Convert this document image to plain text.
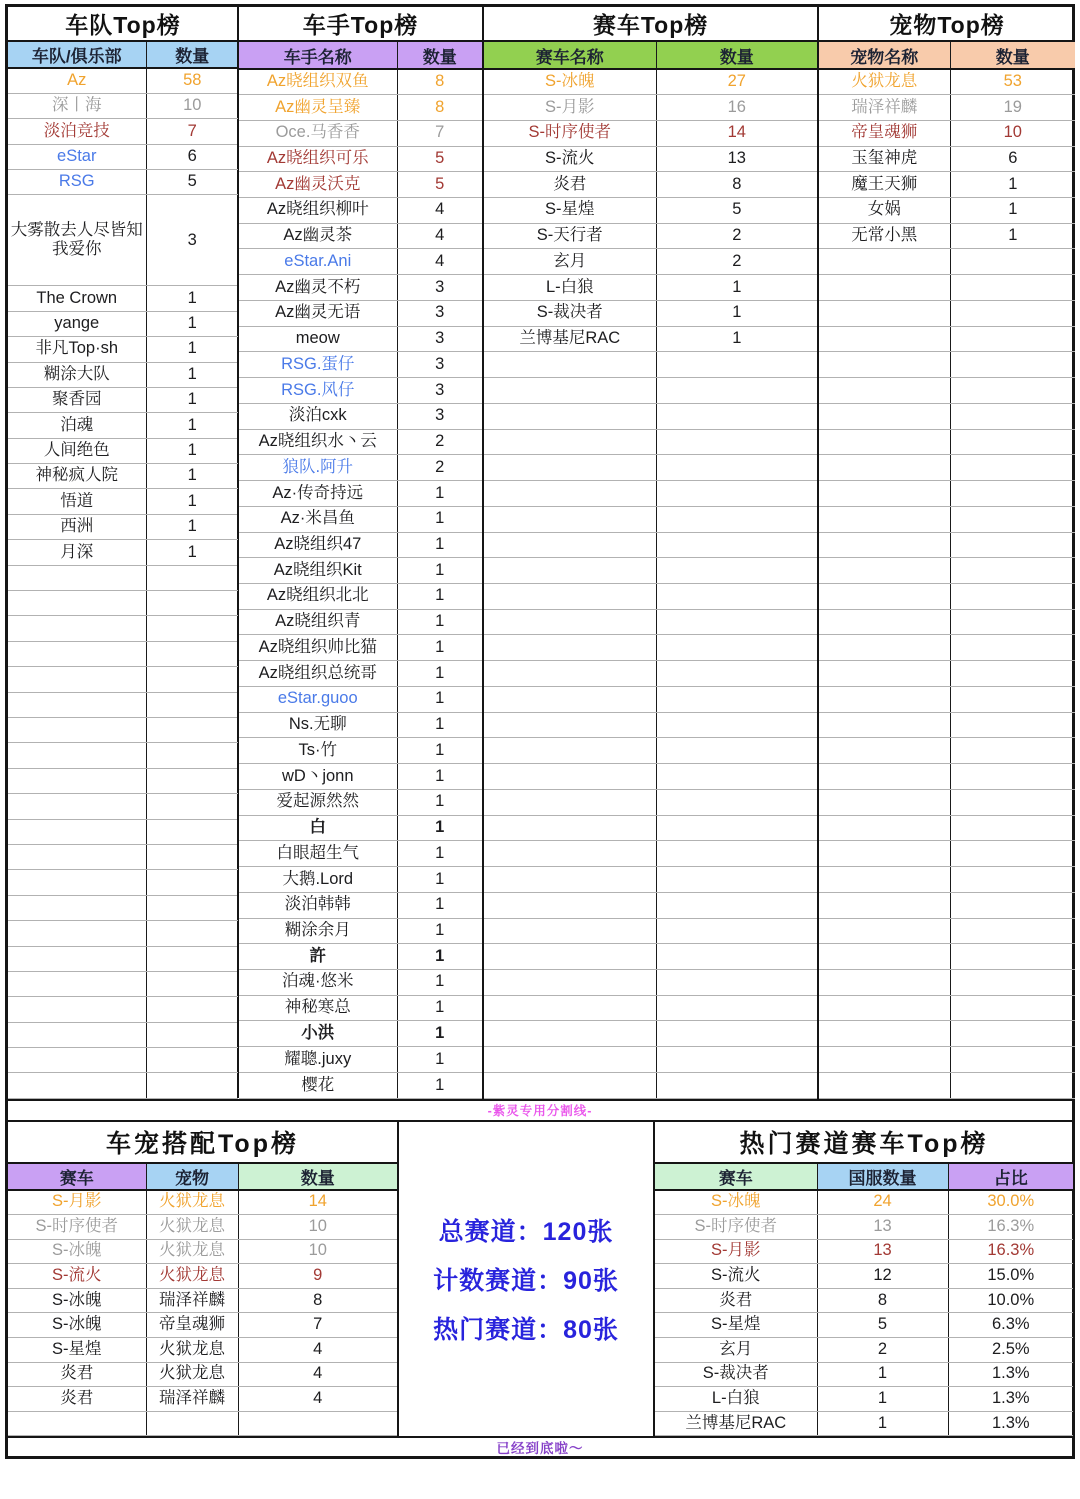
车队Top榜		
车队/俱乐部	数量	
Az	58	
深丨海	10	
淡泊竞技	7	
eStar	6	
RSG	5	
大雾散去人尽皆知我爱你	3	

The Crown	1	
yange	1	
非凡Top·sh	1	
糊涂大队	1	
聚香园	1	
泊魂	1	
人间绝色	1	
神秘疯人院	1	
悟道	1	
西洲	1	
月深	1	

车手Top榜	
车手名称	数量
Az晓组织双鱼	8
Az幽灵呈臻	8
Oce.马香香	7
Az晓组织可乐	5
Az幽灵沃克	5
Az晓组织柳叶	4
Az幽灵茶	4
eStar.Ani	4
Az幽灵不朽	3
Az幽灵无语	3
meow	3
RSG.蛋仔	3
RSG.风仔	3
淡泊cxk	3
Az晓组织水丶云	2
狼队.阿升	2
Az·传奇持远	1
Az·米昌鱼	1
Az晓组织47	1
Az晓组织Kit	1
Az晓组织北北	1
Az晓组织青	1
Az晓组织帅比猫	1
Az晓组织总统哥	1
eStar.guoo	1
Ns.无聊	1
Ts·竹	1
wD丶jonn	1
爱起源然然	1
白	1
白眼超生气	1
大鹅.Lord	1
淡泊韩韩	1
糊涂余月	1
許	1
泊魂·悠米	1
神秘寒总	1
小洪	1
耀聰.juxy	1
樱花	1
赛车Top榜	
赛车名称	数量
S-冰魄	27
S-月影	16
S-时序使者	14
S-流火	13
炎君	8
S-星煌	5
S-天行者	2
玄月	2
L-白狼	1
S-裁决者	1
兰博基尼RAC	1

宠物Top榜	
宠物名称	数量
火狱龙息	53
瑞泽祥麟	19
帝皇魂狮	10
玉玺神虎	6
魔王天狮	1
女娲	1
无常小黑	1

-紫灵专用分割线-
车宠搭配Top榜		
赛车	宠物	数量
S-月影	火狱龙息	14
S-时序使者	火狱龙息	10
S-冰魄	火狱龙息	10
S-流火	火狱龙息	9
S-冰魄	瑞泽祥麟	8
S-冰魄	帝皇魂狮	7
S-星煌	火狱龙息	4
炎君	火狱龙息	4
炎君	瑞泽祥麟	4

总赛道：120张
计数赛道：90张
热门赛道：80张
热门赛道赛车Top榜		
赛车	国服数量	占比
S-冰魄	24	30.0%
S-时序使者	13	16.3%
S-月影	13	16.3%
S-流火	12	15.0%
炎君	8	10.0%
S-星煌	5	6.3%
玄月	2	2.5%
S-裁决者	1	1.3%
L-白狼	1	1.3%
兰博基尼RAC	1	1.3%
已经到底啦～
